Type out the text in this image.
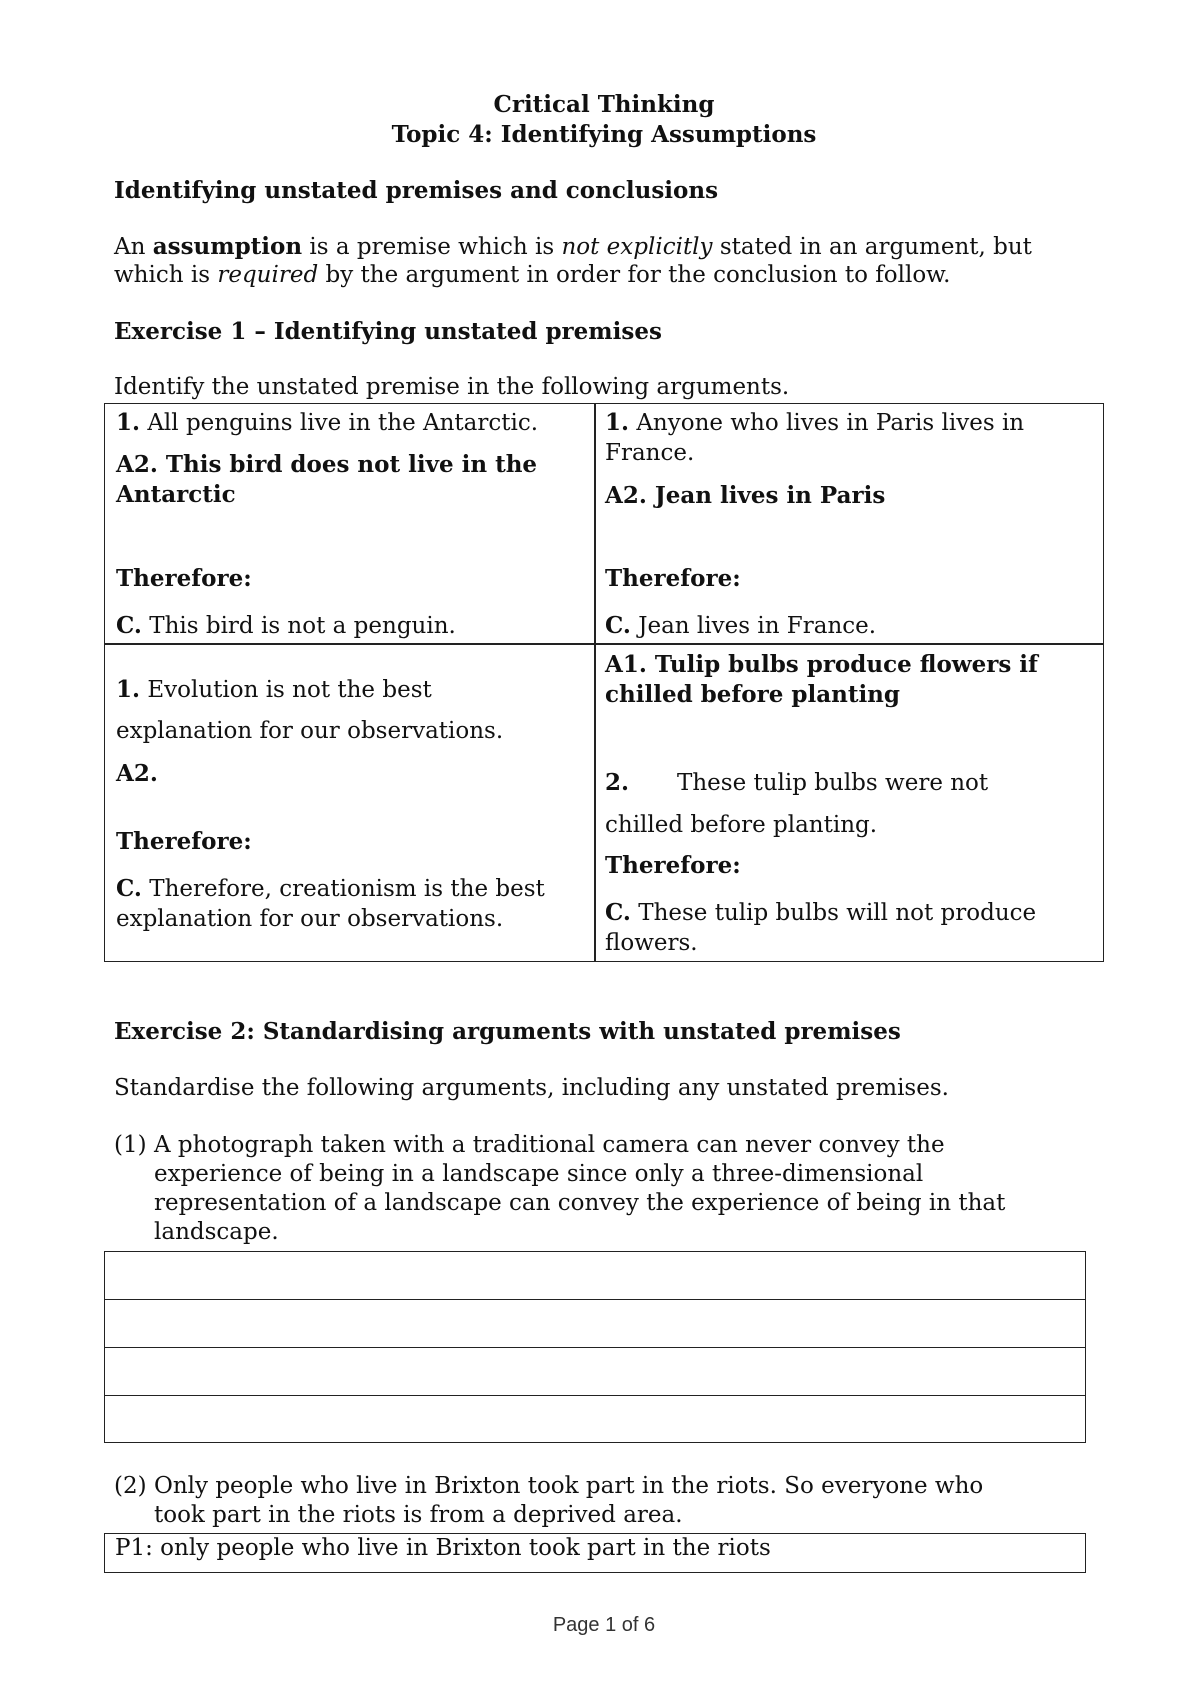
Critical Thinking

Topic 4: Identifying Assumptions

Identifying unstated premises and conclusions

An assumption is a premise which is not explicitly stated in an argument, but

which is required by the argument in order for the conclusion to follow.

Exercise 1 – Identifying unstated premises

Identify the unstated premise in the following arguments.

1. All penguins live in the Antarctic.

A2. This bird does not live in the

Antarctic

Therefore:

C. This bird is not a penguin.

1. Anyone who lives in Paris lives in

France.

A2. Jean lives in Paris

Therefore:

C. Jean lives in France.

1. Evolution is not the best

explanation for our observations.

A2.

Therefore:

C. Therefore, creationism is the best

explanation for our observations.

A1. Tulip bulbs produce flowers if

chilled before planting

2. These tulip bulbs were not

chilled before planting.

Therefore:

C. These tulip bulbs will not produce

flowers.

Exercise 2: Standardising arguments with unstated premises

Standardise the following arguments, including any unstated premises.

(1) A photograph taken with a traditional camera can never convey the

experience of being in a landscape since only a three-dimensional

representation of a landscape can convey the experience of being in that

landscape.

(2) Only people who live in Brixton took part in the riots. So everyone who

took part in the riots is from a deprived area.

P1: only people who live in Brixton took part in the riots

Page 1 of 6
